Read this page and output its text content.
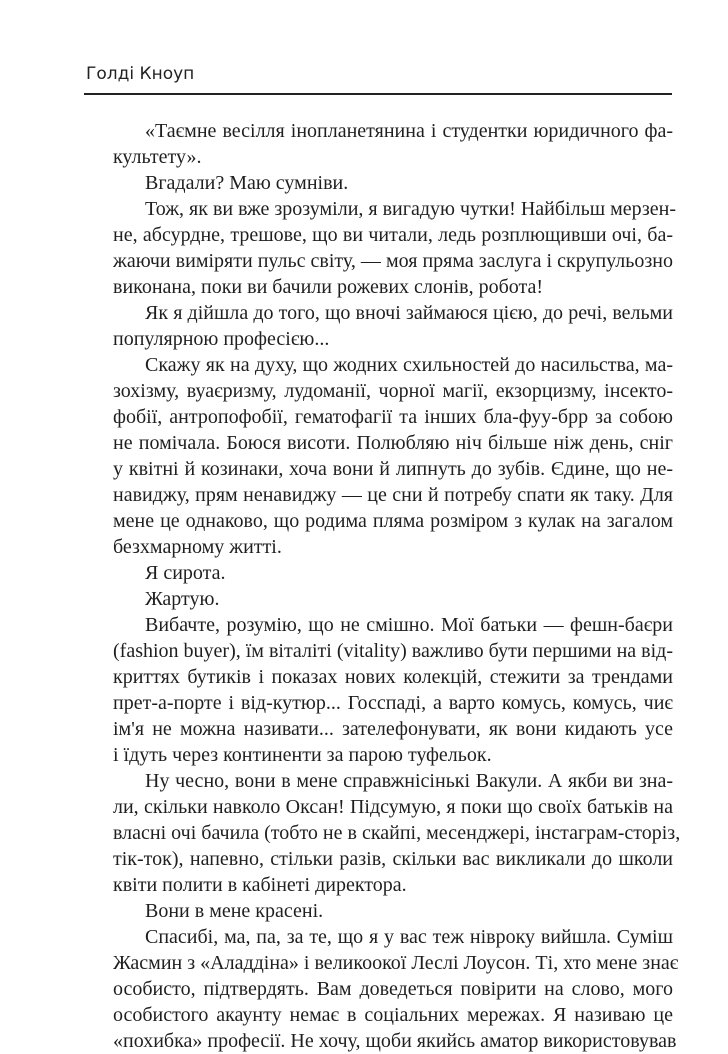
Голді Кноуп
«Таємне весілля інопланетянина і студентки юридичного фа-
культету».
Вгадали? Маю сумніви.
Тож, як ви вже зрозуміли, я вигадую чутки! Найбільш мерзен-
не, абсурдне, трешове, що ви читали, ледь розплющивши очі, ба-
жаючи виміряти пульс світу, — моя пряма заслуга і скрупульозно
виконана, поки ви бачили рожевих слонів, робота!
Як я дійшла до того, що вночі займаюся цією, до речі, вельми
популярною професією...
Скажу як на духу, що жодних схильностей до насильства, ма-
зохізму, вуаєризму, лудоманії, чорної магії, екзорцизму, інсекто-
фобії, антропофобії, гематофагії та інших бла-фуу-брр за собою
не помічала. Боюся висоти. Полюбляю ніч більше ніж день, сніг
у квітні й козинаки, хоча вони й липнуть до зубів. Єдине, що не-
навиджу, прям ненавиджу — це сни й потребу спати як таку. Для
мене це однаково, що родима пляма розміром з кулак на загалом
безхмарному житті.
Я сирота.
Жартую.
Вибачте, розумію, що не смішно. Мої батьки — фешн-баєри
(fashion buyer), їм віталіті (vitality) важливо бути першими на від-
криттях бутиків і показах нових колекцій, стежити за трендами
прет-а-порте і від-кутюр... Госспаді, а варто комусь, комусь, чиє
ім'я не можна називати... зателефонувати, як вони кидають усе
і їдуть через континенти за парою туфельок.
Ну чесно, вони в мене справжнісінькі Вакули. А якби ви зна-
ли, скільки навколо Оксан! Підсумую, я поки що своїх батьків на
власні очі бачила (тобто не в скайпі, месенджері, інстаграм-сторіз,
тік-ток), напевно, стільки разів, скільки вас викликали до школи
квіти полити в кабінеті директора.
Вони в мене красені.
Спасибі, ма, па, за те, що я у вас теж нівроку вийшла. Суміш
Жасмин з «Аладдіна» і великоокої Леслі Лоусон. Ті, хто мене знає
особисто, підтвердять. Вам доведеться повірити на слово, мого
особистого акаунту немає в соціальних мережах. Я називаю це
«похибка» професії. Не хочу, щоби якийсь аматор використовував
